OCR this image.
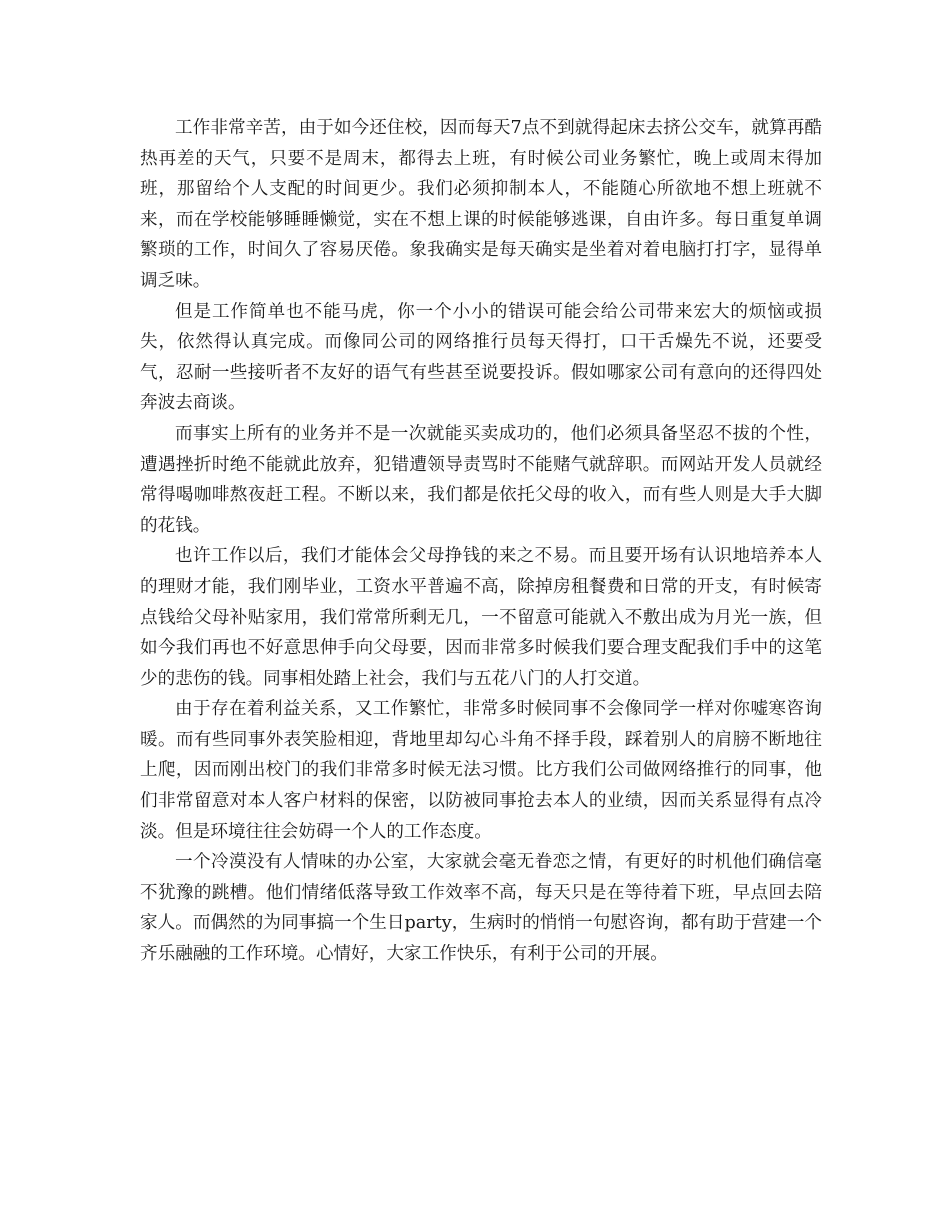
工作非常辛苦，由于如今还住校，因而每天7点不到就得起床去挤公交车，就算再酷热再差的天气，只要不是周末，都得去上班，有时候公司业务繁忙，晚上或周末得加班，那留给个人支配的时间更少。我们必须抑制本人，不能随心所欲地不想上班就不来，而在学校能够睡睡懒觉，实在不想上课的时候能够逃课，自由许多。每日重复单调繁琐的工作，时间久了容易厌倦。象我确实是每天确实是坐着对着电脑打打字，显得单调乏味。

但是工作简单也不能马虎，你一个小小的错误可能会给公司带来宏大的烦恼或损失，依然得认真完成。而像同公司的网络推行员每天得打，口干舌燥先不说，还要受气，忍耐一些接听者不友好的语气有些甚至说要投诉。假如哪家公司有意向的还得四处奔波去商谈。

而事实上所有的业务并不是一次就能买卖成功的，他们必须具备坚忍不拔的个性，遭遇挫折时绝不能就此放弃，犯错遭领导责骂时不能赌气就辞职。而网站开发人员就经常得喝咖啡熬夜赶工程。不断以来，我们都是依托父母的收入，而有些人则是大手大脚的花钱。

也许工作以后，我们才能体会父母挣钱的来之不易。而且要开场有认识地培养本人的理财才能，我们刚毕业，工资水平普遍不高，除掉房租餐费和日常的开支，有时候寄点钱给父母补贴家用，我们常常所剩无几，一不留意可能就入不敷出成为月光一族，但如今我们再也不好意思伸手向父母要，因而非常多时候我们要合理支配我们手中的这笔少的悲伤的钱。同事相处踏上社会，我们与五花八门的人打交道。

由于存在着利益关系，又工作繁忙，非常多时候同事不会像同学一样对你嘘寒咨询暖。而有些同事外表笑脸相迎，背地里却勾心斗角不择手段，踩着别人的肩膀不断地往上爬，因而刚出校门的我们非常多时候无法习惯。比方我们公司做网络推行的同事，他们非常留意对本人客户材料的保密，以防被同事抢去本人的业绩，因而关系显得有点冷淡。但是环境往往会妨碍一个人的工作态度。

一个冷漠没有人情味的办公室，大家就会毫无眷恋之情，有更好的时机他们确信毫不犹豫的跳槽。他们情绪低落导致工作效率不高，每天只是在等待着下班，早点回去陪家人。而偶然的为同事搞一个生日party，生病时的悄悄一句慰咨询，都有助于营建一个齐乐融融的工作环境。心情好，大家工作快乐，有利于公司的开展。
